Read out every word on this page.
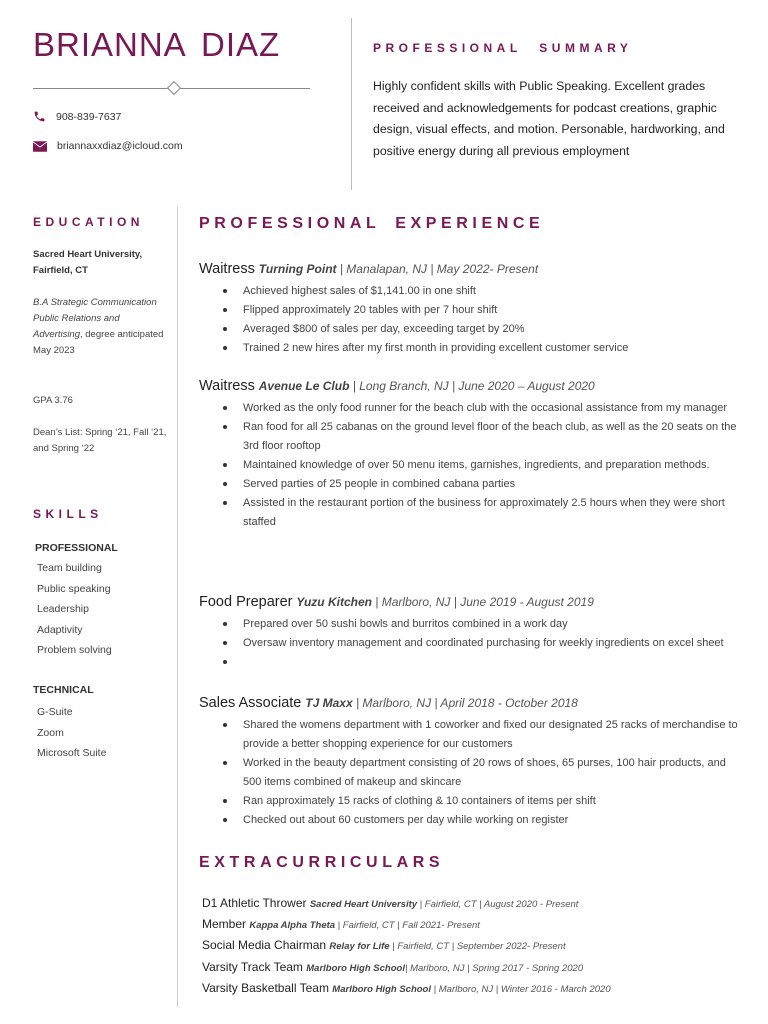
BRIANNA DIAZ
908-839-7637
briannaxxdiaz@icloud.com
PROFESSIONAL SUMMARY
Highly confident skills with Public Speaking. Excellent grades received and acknowledgements for podcast creations, graphic design, visual effects, and motion. Personable, hardworking, and positive energy during all previous employment
EDUCATION
Sacred Heart University,
Fairfield, CT
B.A Strategic Communication Public Relations and Advertising, degree anticipated May 2023
GPA 3.76
Dean’s List: Spring ‘21, Fall ‘21, and Spring ‘22
SKILLS
PROFESSIONAL
Team building
Public speaking
Leadership
Adaptivity
Problem solving
TECHNICAL
G-Suite
Zoom
Microsoft Suite
PROFESSIONAL EXPERIENCE
Waitress Turning Point | Manalapan, NJ | May 2022- Present
Achieved highest sales of $1,141.00 in one shift
Flipped approximately 20 tables with per 7 hour shift
Averaged $800 of sales per day, exceeding target by 20%
Trained 2 new hires after my first month in providing excellent customer service
Waitress Avenue Le Club | Long Branch, NJ | June 2020 – August 2020
Worked as the only food runner for the beach club with the occasional assistance from my manager
Ran food for all 25 cabanas on the ground level floor of the beach club, as well as the 20 seats on the 3rd floor rooftop
Maintained knowledge of over 50 menu items, garnishes, ingredients, and preparation methods.
Served parties of 25 people in combined cabana parties
Assisted in the restaurant portion of the business for approximately 2.5 hours when they were short staffed
Food Preparer Yuzu Kitchen | Marlboro, NJ | June 2019 - August 2019
Prepared over 50 sushi bowls and burritos combined in a work day
Oversaw inventory management and coordinated purchasing for weekly ingredients on excel sheet
Sales Associate TJ Maxx | Marlboro, NJ | April 2018 - October 2018
Shared the womens department with 1 coworker and fixed our designated 25 racks of merchandise to provide a better shopping experience for our customers
Worked in the beauty department consisting of 20 rows of shoes, 65 purses, 100 hair products, and 500 items combined of makeup and skincare
Ran approximately 15 racks of clothing & 10 containers of items per shift
Checked out about 60 customers per day while working on register
EXTRACURRICULARS
D1 Athletic Thrower Sacred Heart University | Fairfield, CT | August 2020 - Present
Member Kappa Alpha Theta | Fairfield, CT | Fall 2021- Present
Social Media Chairman Relay for Life | Fairfield, CT | September 2022- Present
Varsity Track Team Marlboro High School| Marlboro, NJ | Spring 2017 - Spring 2020
Varsity Basketball Team Marlboro High School | Marlboro, NJ | Winter 2016 - March 2020
